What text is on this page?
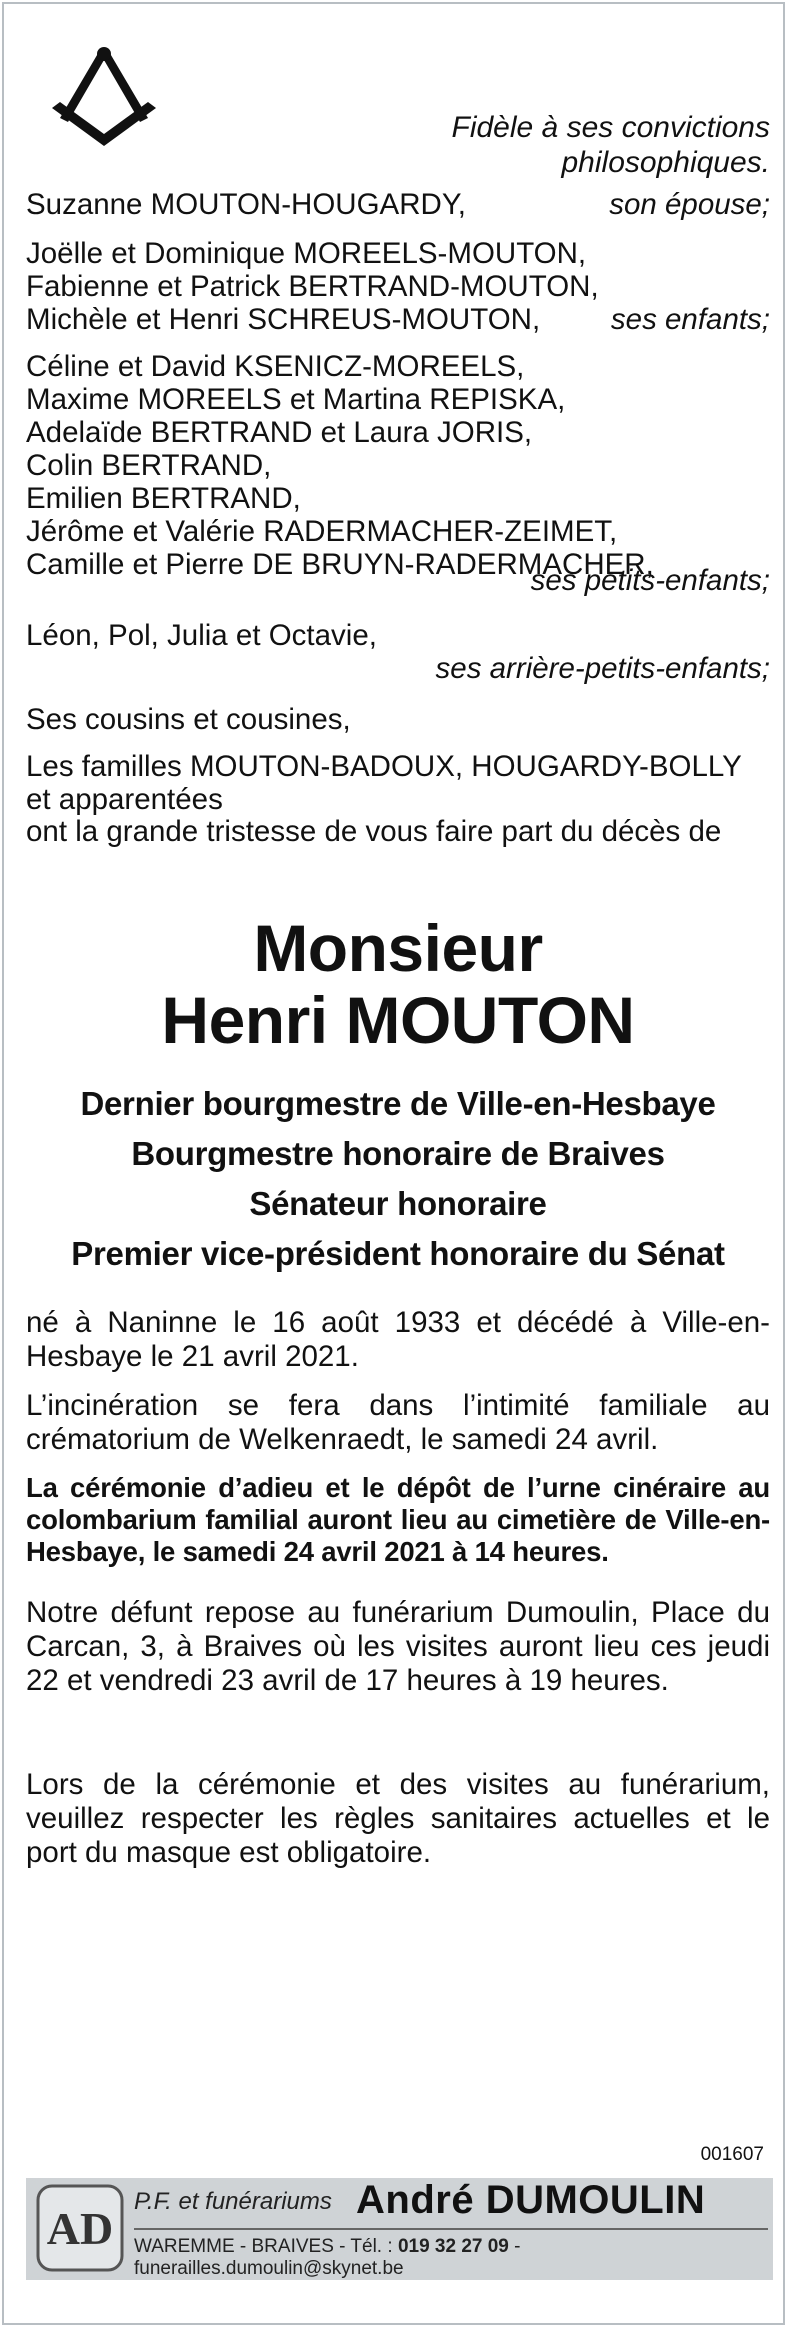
Fidèle à ses convictions
philosophiques.
Suzanne MOUTON-HOUGARDY,	son épouse;
Joëlle et Dominique MOREELS-MOUTON,
Fabienne et Patrick BERTRAND-MOUTON,
Michèle et Henri SCHREUS-MOUTON,	ses enfants;
Céline et David KSENICZ-MOREELS,
Maxime MOREELS et Martina REPISKA,
Adelaïde BERTRAND et Laura JORIS,
Colin BERTRAND,
Emilien BERTRAND,
Jérôme et Valérie RADERMACHER-ZEIMET,
Camille et Pierre DE BRUYN-RADERMACHER,
ses petits-enfants;
Léon, Pol, Julia et Octavie,
ses arrière-petits-enfants;
Ses cousins et cousines,
Les familles MOUTON-BADOUX, HOUGARDY-BOLLY
et apparentées
ont la grande tristesse de vous faire part du décès de
Monsieur
Henri MOUTON
Dernier bourgmestre de Ville-en-Hesbaye
Bourgmestre honoraire de Braives
Sénateur honoraire
Premier vice-président honoraire du Sénat
né à Naninne le 16 août 1933 et décédé à Ville-en-Hesbaye le 21 avril 2021.
L’incinération se fera dans l’intimité familiale au crématorium de Welkenraedt, le samedi 24 avril.
La cérémonie d’adieu et le dépôt de l’urne cinéraire au colombarium familial auront lieu au cimetière de Ville-en-Hesbaye, le samedi 24 avril 2021 à 14 heures.
Notre défunt repose au funérarium Dumoulin, Place du Carcan, 3, à Braives où les visites auront lieu ces jeudi 22 et vendredi 23 avril de 17 heures à 19 heures.
Lors de la cérémonie et des visites au funérarium, veuillez respecter les règles sanitaires actuelles et le port du masque est obligatoire.
001607
AD
P.F. et funérariums André DUMOULIN
WAREMME - BRAIVES - Tél. : 019 32 27 09 - funerailles.dumoulin@skynet.be
